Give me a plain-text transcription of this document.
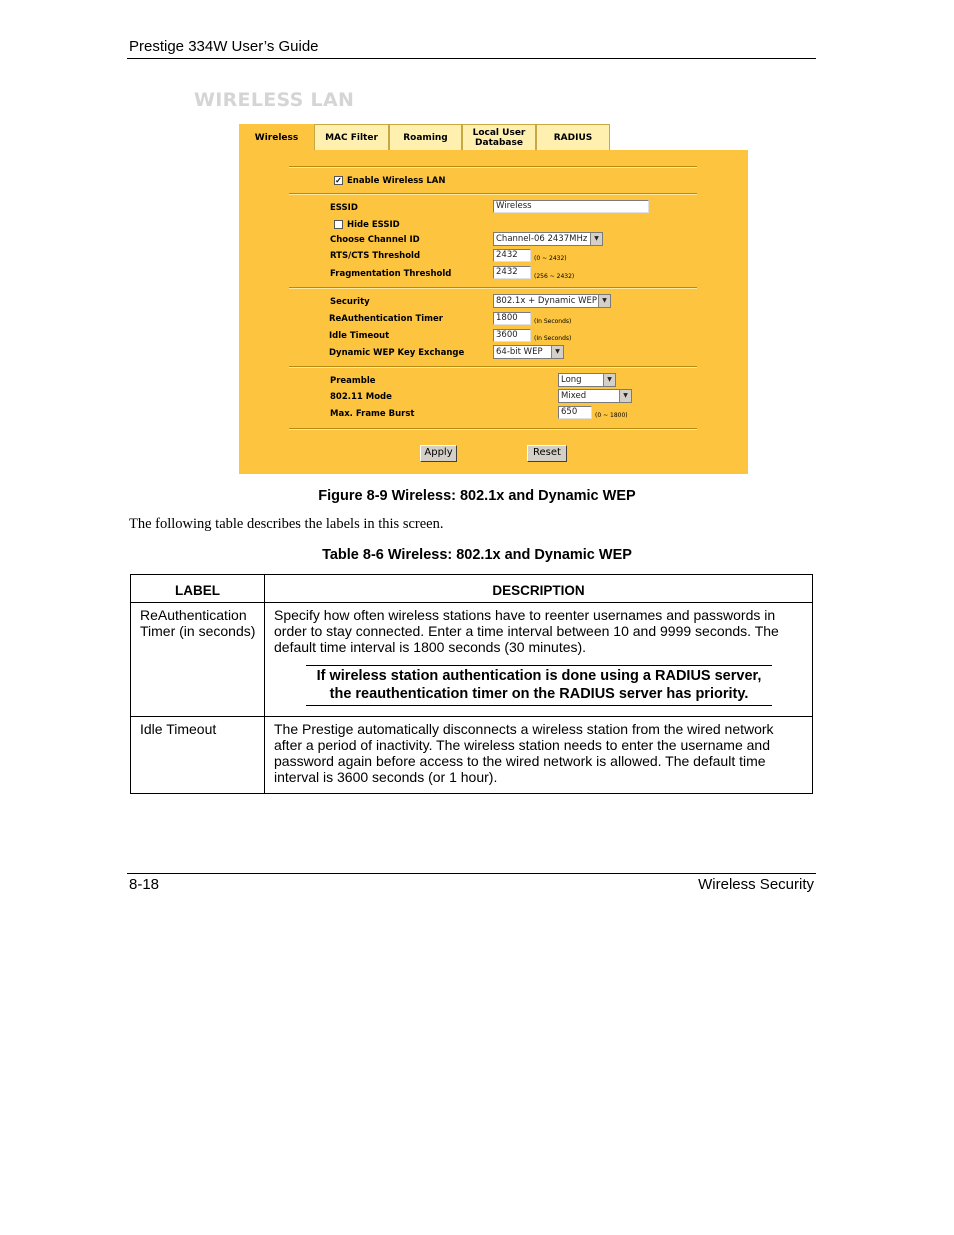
Prestige 334W User’s Guide
WIRELESS LAN
Wireless	MAC Filter	Roaming	Local User
Database	RADIUS
✓ Enable Wireless LAN
ESSID	Wireless
Hide ESSID
Choose Channel ID	Channel-06 2437MHz	▼
RTS/CTS Threshold	2432	(0 ~ 2432)
Fragmentation Threshold	2432	(256 ~ 2432)
Security	802.1x + Dynamic WEP ▼
ReAuthentication Timer	1800	(In Seconds)
Idle Timeout	3600	(In Seconds)
Dynamic WEP Key Exchange	64-bit WEP	▼
Preamble	Long	▼
802.11 Mode	Mixed	▼
Max. Frame Burst	650	(0 ~ 1800)
Apply	Reset
Figure 8-9 Wireless: 802.1x and Dynamic WEP
The following table describes the labels in this screen.
Table 8-6 Wireless: 802.1x and Dynamic WEP
LABEL	DESCRIPTION
ReAuthentication Timer (in seconds)	Specify how often wireless stations have to reenter usernames and passwords in order to stay connected. Enter a time interval between 10 and 9999 seconds. The default time interval is 1800 seconds (30 minutes).
If wireless station authentication is done using a RADIUS server, the reauthentication timer on the RADIUS server has priority.

Idle Timeout	The Prestige automatically disconnects a wireless station from the wired network after a period of inactivity. The wireless station needs to enter the username and password again before access to the wired network is allowed. The default time interval is 3600 seconds (or 1 hour).
8-18	Wireless Security
